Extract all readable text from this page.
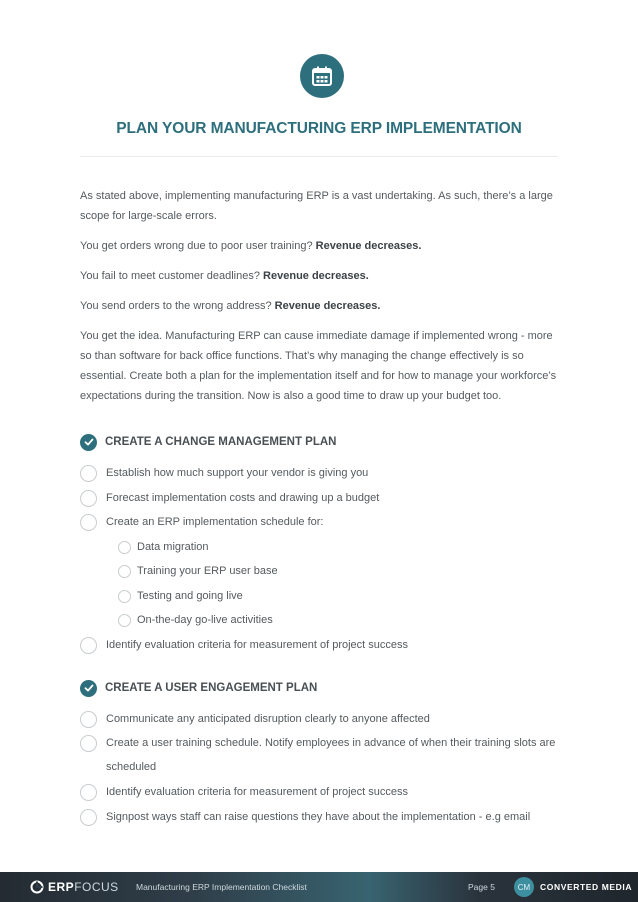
PLAN YOUR MANUFACTURING ERP IMPLEMENTATION

As stated above, implementing manufacturing ERP is a vast undertaking. As such, there’s a large scope for large-scale errors.

You get orders wrong due to poor user training? Revenue decreases.

You fail to meet customer deadlines? Revenue decreases.

You send orders to the wrong address? Revenue decreases.

You get the idea. Manufacturing ERP can cause immediate damage if implemented wrong - more so than software for back office functions. That’s why managing the change effectively is so essential. Create both a plan for the implementation itself and for how to manage your workforce’s expectations during the transition. Now is also a good time to draw up your budget too.

CREATE A CHANGE MANAGEMENT PLAN
Establish how much support your vendor is giving you
Forecast implementation costs and drawing up a budget
Create an ERP implementation schedule for:
Data migration
Training your ERP user base
Testing and going live
On-the-day go-live activities
Identify evaluation criteria for measurement of project success
CREATE A USER ENGAGEMENT PLAN
Communicate any anticipated disruption clearly to anyone affected
Create a user training schedule. Notify employees in advance of when their training slots are scheduled
Identify evaluation criteria for measurement of project success
Signpost ways staff can raise questions they have about the implementation - e.g email
ERP FOCUS Manufacturing ERP Implementation Checklist	Page 5	CM	CONVERTED MEDIA
